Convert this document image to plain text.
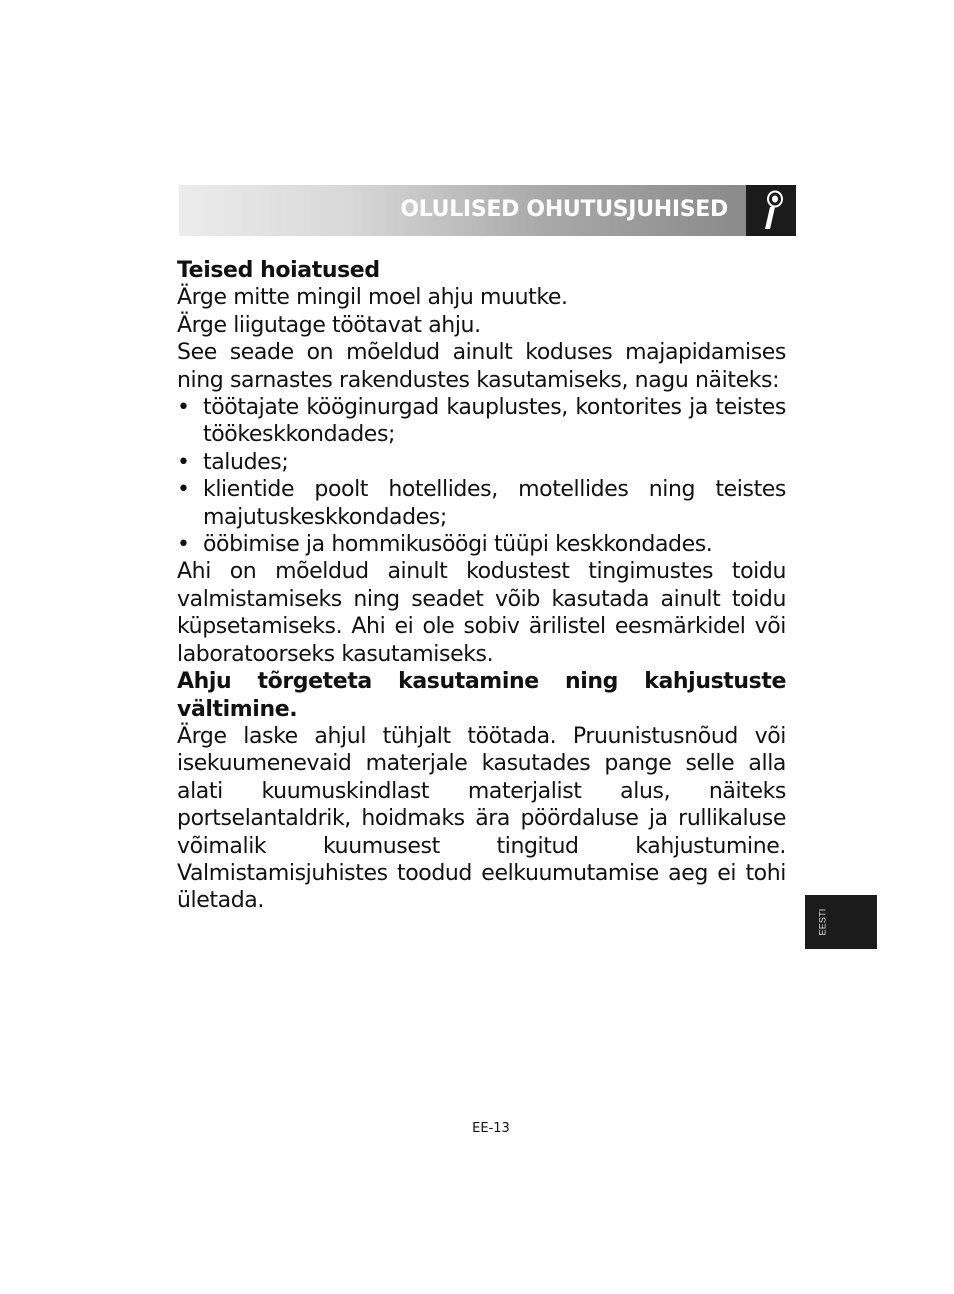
OLULISED OHUTUSJUHISED

Teised hoiatused

Ärge mitte mingil moel ahju muutke.

Ärge liigutage töötavat ahju.

See seade on mõeldud ainult koduses majapidamises ning sarnastes rakendustes kasutamiseks, nagu näiteks:

• töötajate kööginurgad kauplustes, kontorites ja teistes töökeskkondades;
• taludes;
• klientide poolt hotellides, motellides ning teistes majutuskeskkondades;
• ööbimise ja hommikusöögi tüüpi keskkondades.

Ahi on mõeldud ainult kodustest tingimustes toidu valmistamiseks ning seadet võib kasutada ainult toidu küpsetamiseks. Ahi ei ole sobiv ärilistel eesmärkidel või laboratoorseks kasutamiseks.

Ahju tõrgeteta kasutamine ning kahjustuste vältimine.

Ärge laske ahjul tühjalt töötada. Pruunistusnõud või isekuumenevaid materjale kasutades pange selle alla alati kuumuskindlast materjalist alus, näiteks portselantaldrik, hoidmaks ära pöördaluse ja rullikaluse võimalik kuumusest tingitud kahjustumine. Valmistamisjuhistes toodud eelkuumutamise aeg ei tohi ületada.

EESTI
EE-13
